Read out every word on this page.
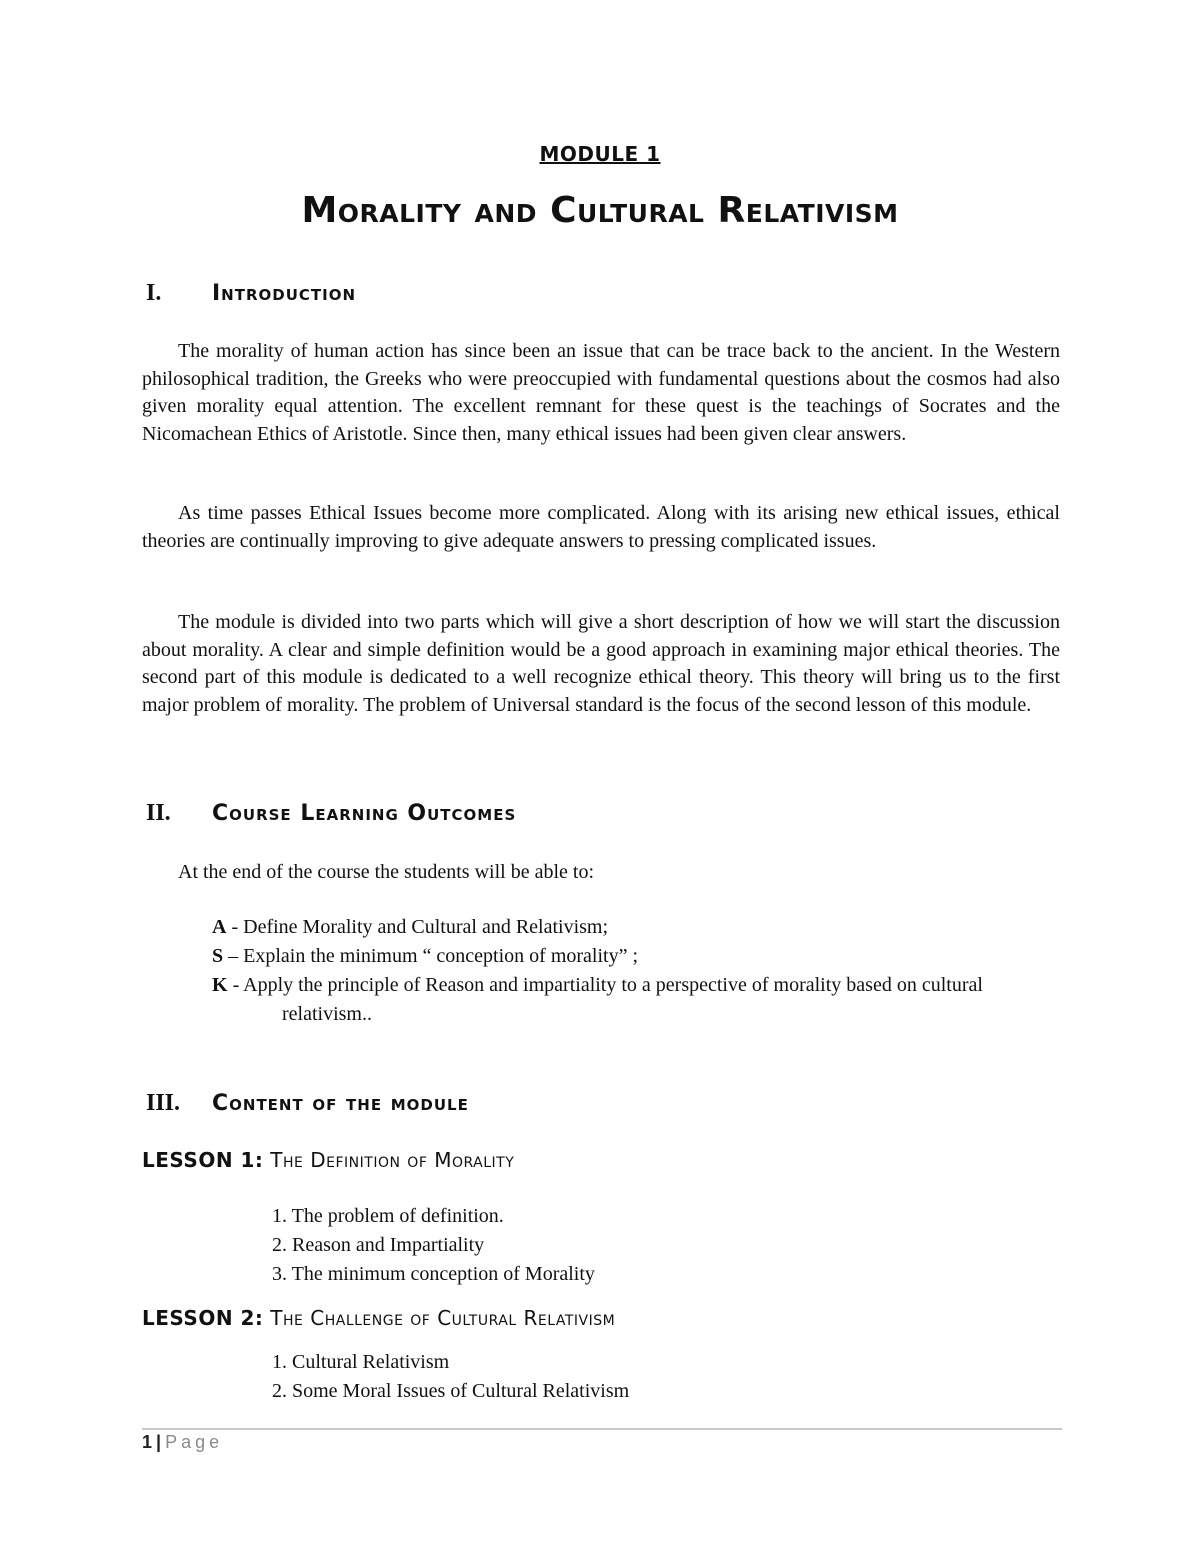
MODULE 1

Morality and Cultural Relativism
I.	Introduction

The morality of human action has since been an issue that can be trace back to the ancient. In the Western philosophical tradition, the Greeks who were preoccupied with fundamental questions about the cosmos had also given morality equal attention. The excellent remnant for these quest is the teachings of Socrates and the Nicomachean Ethics of Aristotle. Since then, many ethical issues had been given clear answers.

As time passes Ethical Issues become more complicated. Along with its arising new ethical issues, ethical theories are continually improving to give adequate answers to pressing complicated issues.

The module is divided into two parts which will give a short description of how we will start the discussion about morality. A clear and simple definition would be a good approach in examining major ethical theories. The second part of this module is dedicated to a well recognize ethical theory. This theory will bring us to the first major problem of morality. The problem of Universal standard is the focus of the second lesson of this module.

II.	Course Learning Outcomes

At the end of the course the students will be able to:

A - Define Morality and Cultural and Relativism;
S – Explain the minimum “ conception of morality” ;
K - Apply the principle of Reason and impartiality to a perspective of morality based on cultural relativism..
III.	Content of the module

LESSON 1: The Definition of Morality

1. The problem of definition.
2. Reason and Impartiality
3. The minimum conception of Morality

LESSON 2: The Challenge of Cultural Relativism

1. Cultural Relativism
2. Some Moral Issues of Cultural Relativism

1 | Page
